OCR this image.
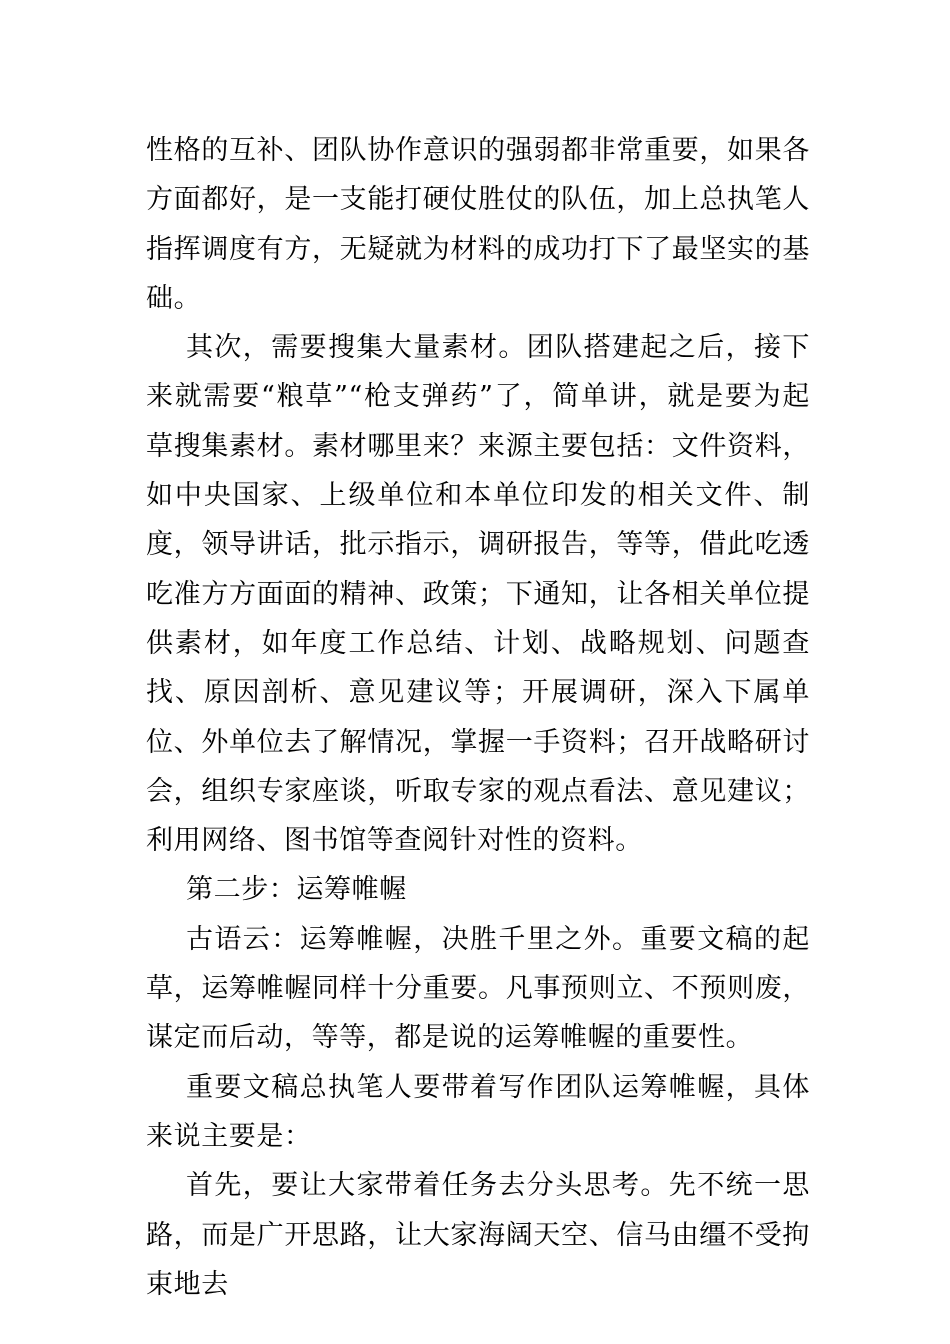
性格的互补、团队协作意识的强弱都非常重要，如果各方面都好，是一支能打硬仗胜仗的队伍，加上总执笔人指挥调度有方，无疑就为材料的成功打下了最坚实的基础。

其次，需要搜集大量素材。团队搭建起之后，接下来就需要“粮草”“枪支弹药”了，简单讲，就是要为起草搜集素材。素材哪里来？来源主要包括：文件资料，如中央国家、上级单位和本单位印发的相关文件、制度，领导讲话，批示指示，调研报告，等等，借此吃透吃准方方面面的精神、政策；下通知，让各相关单位提供素材，如年度工作总结、计划、战略规划、问题查找、原因剖析、意见建议等；开展调研，深入下属单位、外单位去了解情况，掌握一手资料；召开战略研讨会，组织专家座谈，听取专家的观点看法、意见建议；利用网络、图书馆等查阅针对性的资料。

第二步：运筹帷幄

古语云：运筹帷幄，决胜千里之外。重要文稿的起草，运筹帷幄同样十分重要。凡事预则立、不预则废，谋定而后动，等等，都是说的运筹帷幄的重要性。

重要文稿总执笔人要带着写作团队运筹帷幄，具体来说主要是：

首先，要让大家带着任务去分头思考。先不统一思路，而是广开思路，让大家海阔天空、信马由缰不受拘束地去
